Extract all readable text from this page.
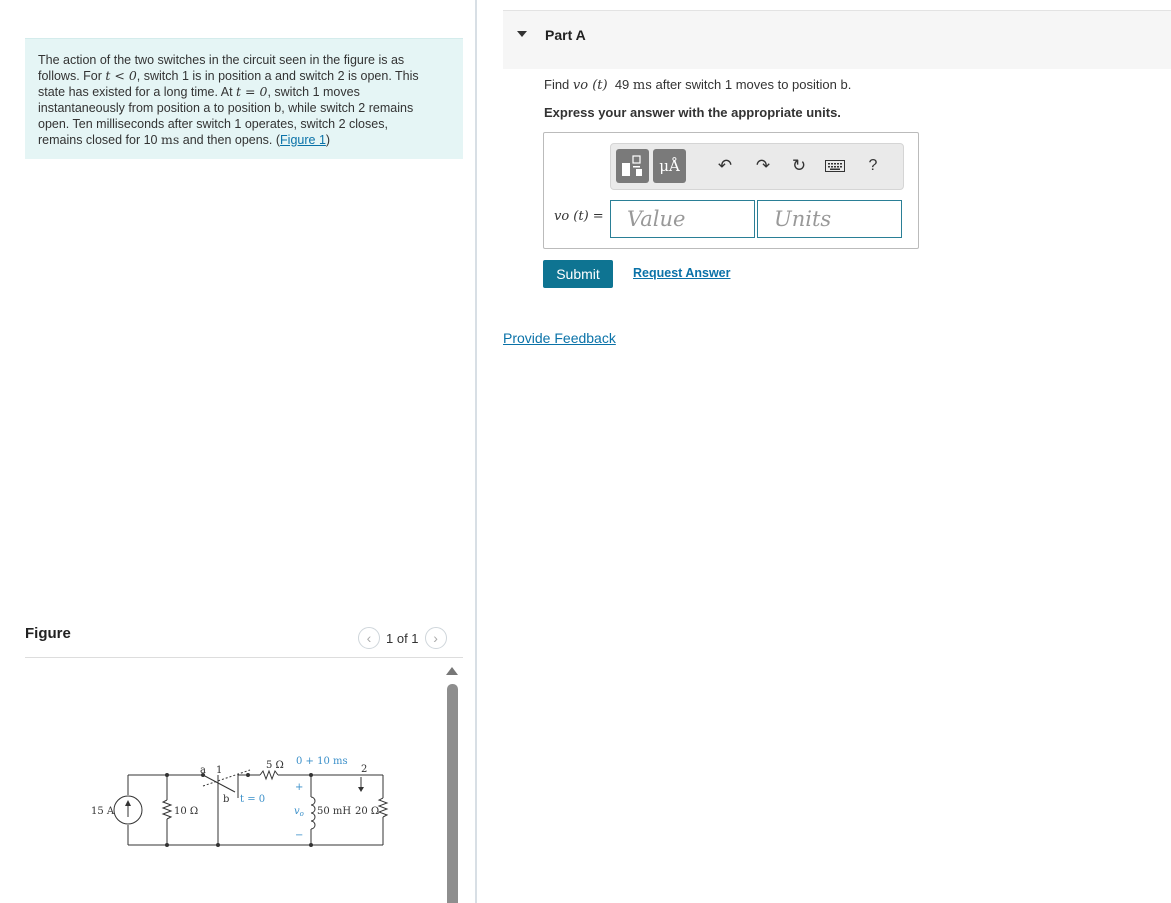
The action of the two switches in the circuit seen in the figure is as
follows. For t < 0, switch 1 is in position a and switch 2 is open. This
state has existed for a long time. At t = 0, switch 1 moves
instantaneously from position a to position b, while switch 2 remains
open. Ten milliseconds after switch 1 operates, switch 2 closes,
remains closed for 10 ms and then opens. (Figure 1)
Figure	‹ 1 of 1 ›
15 A	10 Ω
a 1
b t = 0
5 Ω 0 + 10 ms
2
+
$v_o$
−
50 mH 20 Ω
Part A
Find vo (t) 49 ms after switch 1 moves to position b.
Express your answer with the appropriate units.
μÅ	↶ ↷ ↻	?
vo (t) =	Value	Units
Submit	Request Answer
Provide Feedback
